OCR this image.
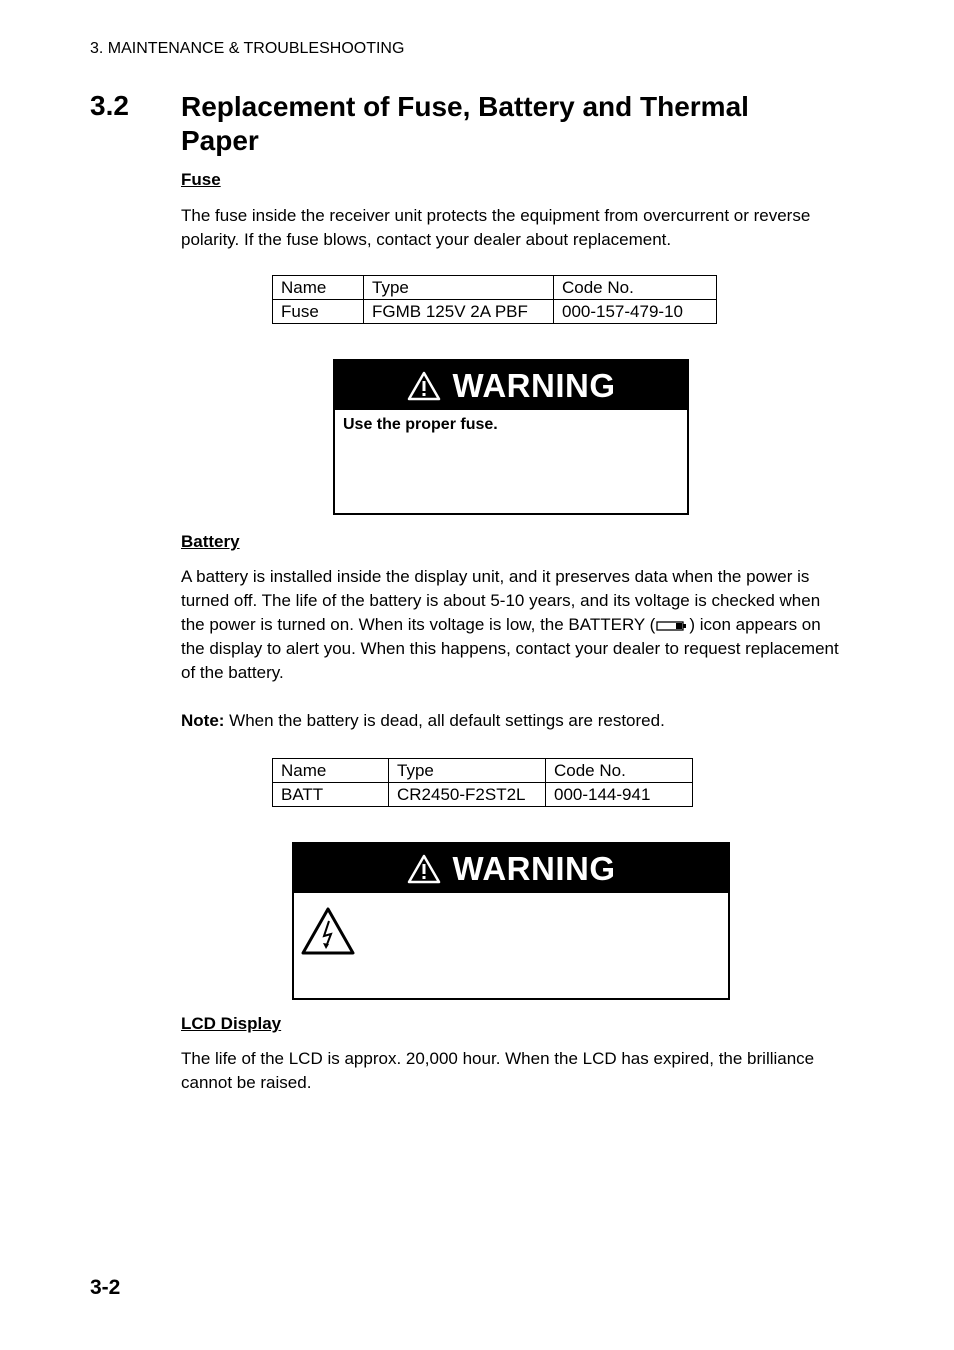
3. MAINTENANCE & TROUBLESHOOTING
3.2 Replacement of Fuse, Battery and Thermal Paper
Fuse
The fuse inside the receiver unit protects the equipment from overcurrent or reverse polarity. If the fuse blows, contact your dealer about replacement.
Name	Type	Code No.
Fuse	FGMB 125V 2A PBF	000-157-479-10
WARNING
Use the proper fuse.
Battery
A battery is installed inside the display unit, and it preserves data when the power is turned off. The life of the battery is about 5-10 years, and its voltage is checked when the power is turned on. When its voltage is low, the BATTERY ( ) icon appears on the display to alert you. When this happens, contact your dealer to request replacement of the battery.
Note: When the battery is dead, all default settings are restored.
Name	Type	Code No.
BATT	CR2450-F2ST2L	000-144-941
WARNING
LCD Display
The life of the LCD is approx. 20,000 hour. When the LCD has expired, the brilliance cannot be raised.
3-2
